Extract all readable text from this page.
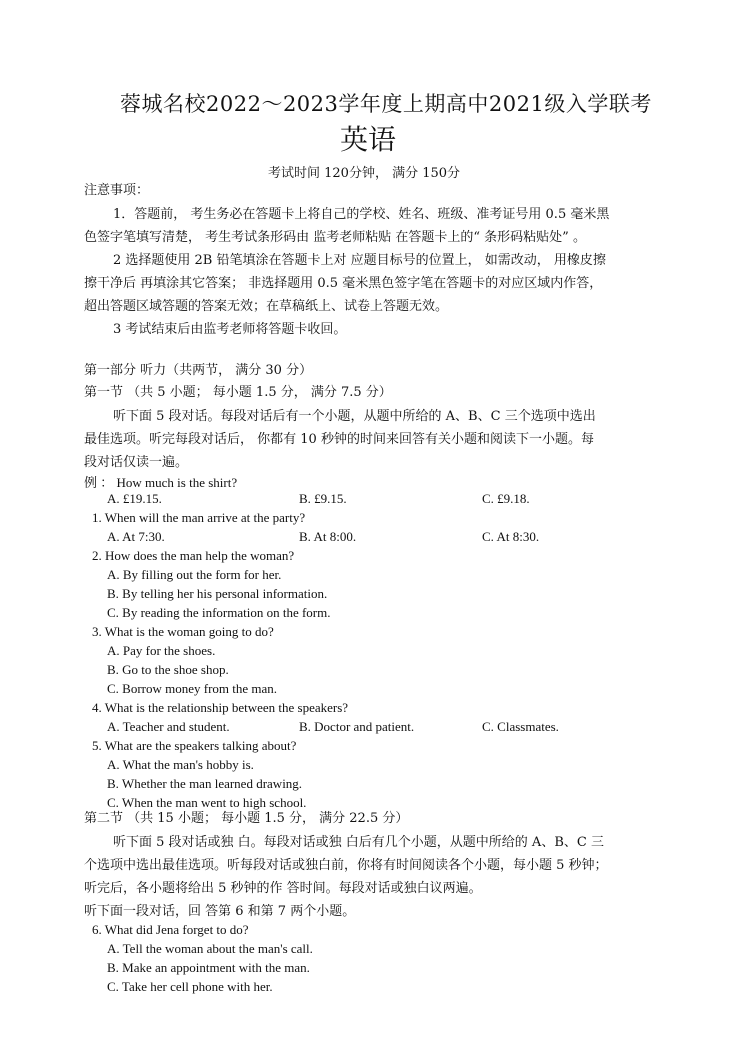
蓉城名校2022～2023学年度上期高中2021级入学联考
英语
考试时间 120分钟， 满分 150分
注意事项：
1．答题前， 考生务必在答题卡上将自己的学校、姓名、班级、准考证号用 0.5 毫米黑
色签字笔填写清楚， 考生考试条形码由 监考老师粘贴 在答题卡上的“ 条形码粘贴处” 。
2 选择题使用 2B 铅笔填涂在答题卡上对 应题目标号的位置上， 如需改动， 用橡皮擦
擦干净后 再填涂其它答案； 非选择题用 0.5 毫米黑色签字笔在答题卡的对应区域内作答，
超出答题区域答题的答案无效；在草稿纸上、试卷上答题无效。
3 考试结束后由监考老师将答题卡收回。
第一部分 听力（共两节， 满分 30 分）
第一节 （共 5 小题； 每小题 1.5 分， 满分 7.5 分）
听下面 5 段对话。每段对话后有一个小题，从题中所给的 A、B、C 三个选项中选出
最佳选项。听完每段对话后， 你都有 10 秒钟的时间来回答有关小题和阅读下一小题。每
段对话仅读一遍。
例 ： How much is the shirt?
A. £19.15.	B. £9.15.	C. £9.18.
1. When will the man arrive at the party?
A. At 7:30.	B. At 8:00.	C. At 8:30.
2. How does the man help the woman?
A. By filling out the form for her.
B. By telling her his personal information.
C. By reading the information on the form.
3. What is the woman going to do?
A. Pay for the shoes.
B. Go to the shoe shop.
C. Borrow money from the man.
4. What is the relationship between the speakers?
A. Teacher and student.	B. Doctor and patient.	C. Classmates.
5. What are the speakers talking about?
A. What the man's hobby is.
B. Whether the man learned drawing.
C. When the man went to high school.
第二节 （共 15 小题； 每小题 1.5 分， 满分 22.5 分）
听下面 5 段对话或独 白。每段对话或独 白后有几个小题，从题中所给的 A、B、C 三
个选项中选出最佳选项。听每段对话或独白前，你将有时间阅读各个小题，每小题 5 秒钟；
听完后，各小题将给出 5 秒钟的作 答时间。每段对话或独白议两遍。
听下面一段对话，回 答第 6 和第 7 两个小题。
6. What did Jena forget to do?
A. Tell the woman about the man's call.
B. Make an appointment with the man.
C. Take her cell phone with her.
